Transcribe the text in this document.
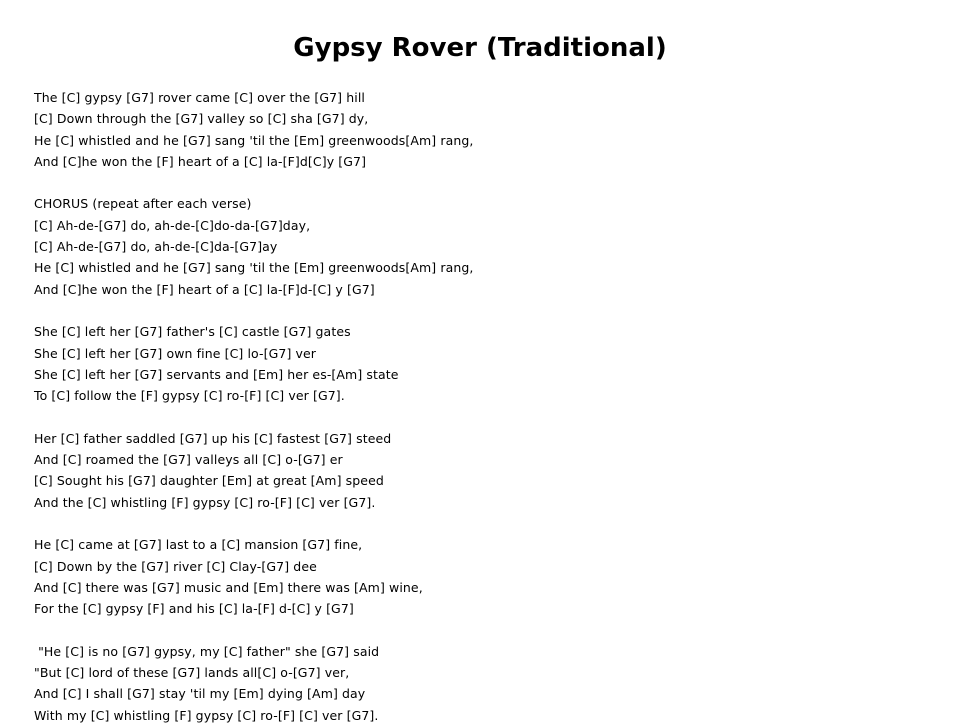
Gypsy Rover (Traditional)
The [C] gypsy [G7] rover came [C] over the [G7] hill
[C] Down through the [G7] valley so [C] sha [G7] dy,
He [C] whistled and he [G7] sang 'til the [Em] greenwoods[Am] rang,
And [C]he won the [F] heart of a [C] la-[F]d[C]y [G7]
CHORUS (repeat after each verse)
[C] Ah-de-[G7] do, ah-de-[C]do-da-[G7]day,
[C] Ah-de-[G7] do, ah-de-[C]da-[G7]ay
He [C] whistled and he [G7] sang 'til the [Em] greenwoods[Am] rang,
And [C]he won the [F] heart of a [C] la-[F]d-[C] y [G7]
She [C] left her [G7] father's [C] castle [G7] gates
She [C] left her [G7] own fine [C] lo-[G7] ver
She [C] left her [G7] servants and [Em] her es-[Am] state
To [C] follow the [F] gypsy [C] ro-[F] [C] ver [G7].
Her [C] father saddled [G7] up his [C] fastest [G7] steed
And [C] roamed the [G7] valleys all [C] o-[G7] er
[C] Sought his [G7] daughter [Em] at great [Am] speed
And the [C] whistling [F] gypsy [C] ro-[F] [C] ver [G7].
He [C] came at [G7] last to a [C] mansion [G7] fine,
[C] Down by the [G7] river [C] Clay-[G7] dee
And [C] there was [G7] music and [Em] there was [Am] wine,
For the [C] gypsy [F] and his [C] la-[F] d-[C] y [G7]
"He [C] is no [G7] gypsy, my [C] father" she [G7] said
"But [C] lord of these [G7] lands all[C] o-[G7] ver,
And [C] I shall [G7] stay 'til my [Em] dying [Am] day
With my [C] whistling [F] gypsy [C] ro-[F] [C] ver [G7].
